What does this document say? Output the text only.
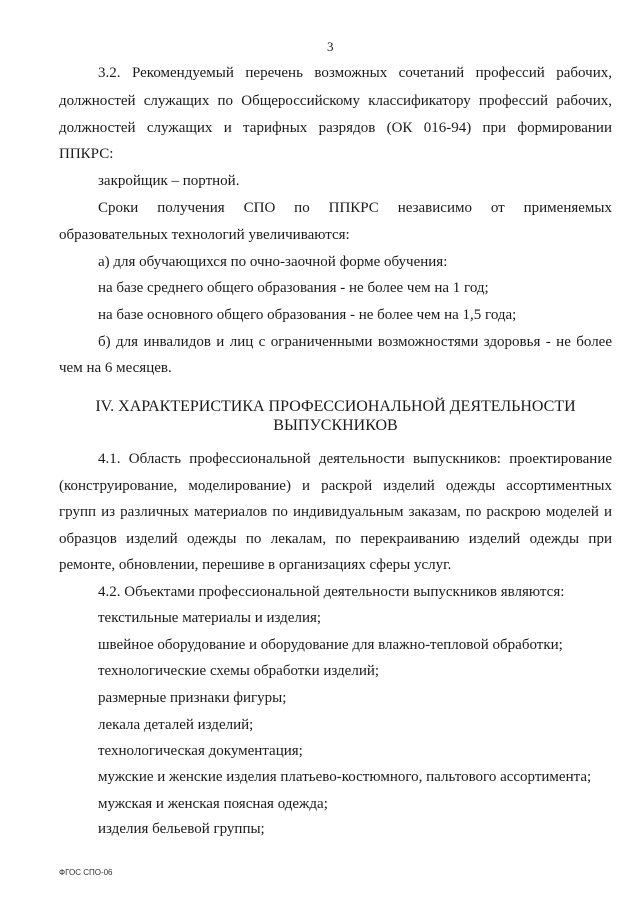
3

3.2. Рекомендуемый перечень возможных сочетаний профессий рабочих,

должностей служащих по Общероссийскому классификатору профессий рабочих,

должностей служащих и тарифных разрядов (ОК 016-94) при формировании

ППКРС:

закройщик – портной.

Сроки получения СПО по ППКРС независимо от применяемых

образовательных технологий увеличиваются:

а) для обучающихся по очно-заочной форме обучения:

на базе среднего общего образования - не более чем на 1 год;

на базе основного общего образования - не более чем на 1,5 года;

б) для инвалидов и лиц с ограниченными возможностями здоровья - не более

чем на 6 месяцев.

IV. ХАРАКТЕРИСТИКА ПРОФЕССИОНАЛЬНОЙ ДЕЯТЕЛЬНОСТИ

ВЫПУСКНИКОВ

4.1. Область профессиональной деятельности выпускников: проектирование

(конструирование, моделирование) и раскрой изделий одежды ассортиментных

групп из различных материалов по индивидуальным заказам, по раскрою моделей и

образцов изделий одежды по лекалам, по перекраиванию изделий одежды при

ремонте, обновлении, перешиве в организациях сферы услуг.

4.2. Объектами профессиональной деятельности выпускников являются:

текстильные материалы и изделия;

швейное оборудование и оборудование для влажно-тепловой обработки;

технологические схемы обработки изделий;

размерные признаки фигуры;

лекала деталей изделий;

технологическая документация;

мужские и женские изделия платьево-костюмного, пальтового ассортимента;

мужская и женская поясная одежда;

изделия бельевой группы;

ФГОС СПО-06
